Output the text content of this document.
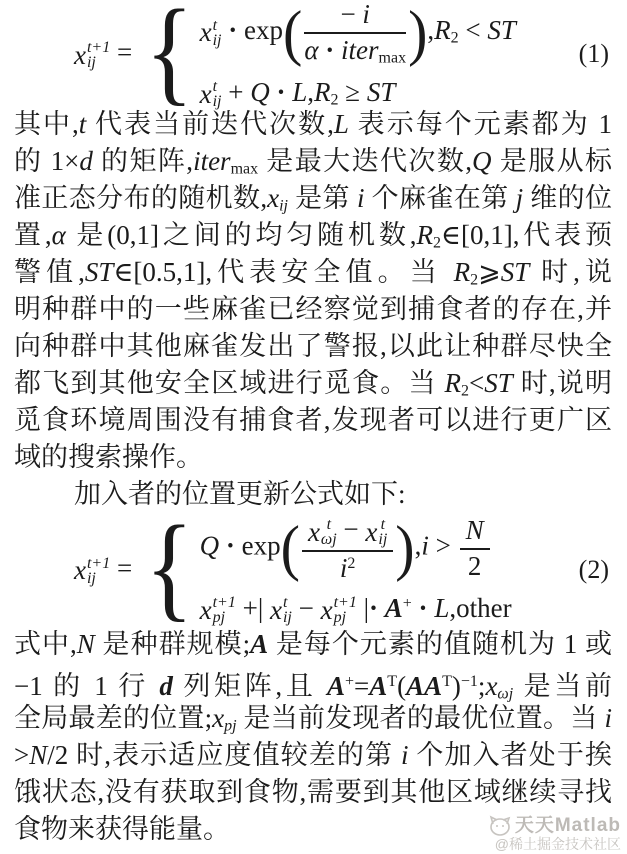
x t+1
ij = { x t
ij · $\exp( \frac{- i}{\text{α · itermax}} ),R2$ < ST
x t
ij + Q · L,R2 ≥ ST
(1)
其中,t 代表当前迭代次数,L 表示每个元素都为 1
的 1×d 的矩阵,itermax 是最大迭代次数,Q 是服从标
准正态分布的随机数,xij 是第 i 个麻雀在第 j 维的位
置,α 是(0,1]之间的均匀随机数,R2∈[0,1],代表预
警值,ST∈[0.5,1],代表安全值。当 R2⩾ST 时,说
明种群中的一些麻雀已经察觉到捕食者的存在,并
向种群中其他麻雀发出了警报,以此让种群尽快全
都飞到其他安全区域进行觅食。当 R2<ST 时,说明
觅食环境周围没有捕食者,发现者可以进行更广区
域的搜索操作。
加入者的位置更新公式如下:
x t+1
ij = { Q · exp( x t
ωj − x t
ij
$i^2$ )$,i > \frac{N}{2}$
x t+1
pj +| x t
ij − x t+1
pj |· A+ · L,other
(2)
式中,N 是种群规模;A 是每个元素的值随机为 1 或
−1 的 1 行 d 列矩阵,且 $A^+=A^T(AA^T)^{-1};x\omega j$ 是当前
全局最差的位置;xpj 是当前发现者的最优位置。当 i
>N/2 时,表示适应度值较差的第 i 个加入者处于挨
饿状态,没有获取到食物,需要到其他区域继续寻找
食物来获得能量。	天天Matlab
@稀土掘金技术社区
